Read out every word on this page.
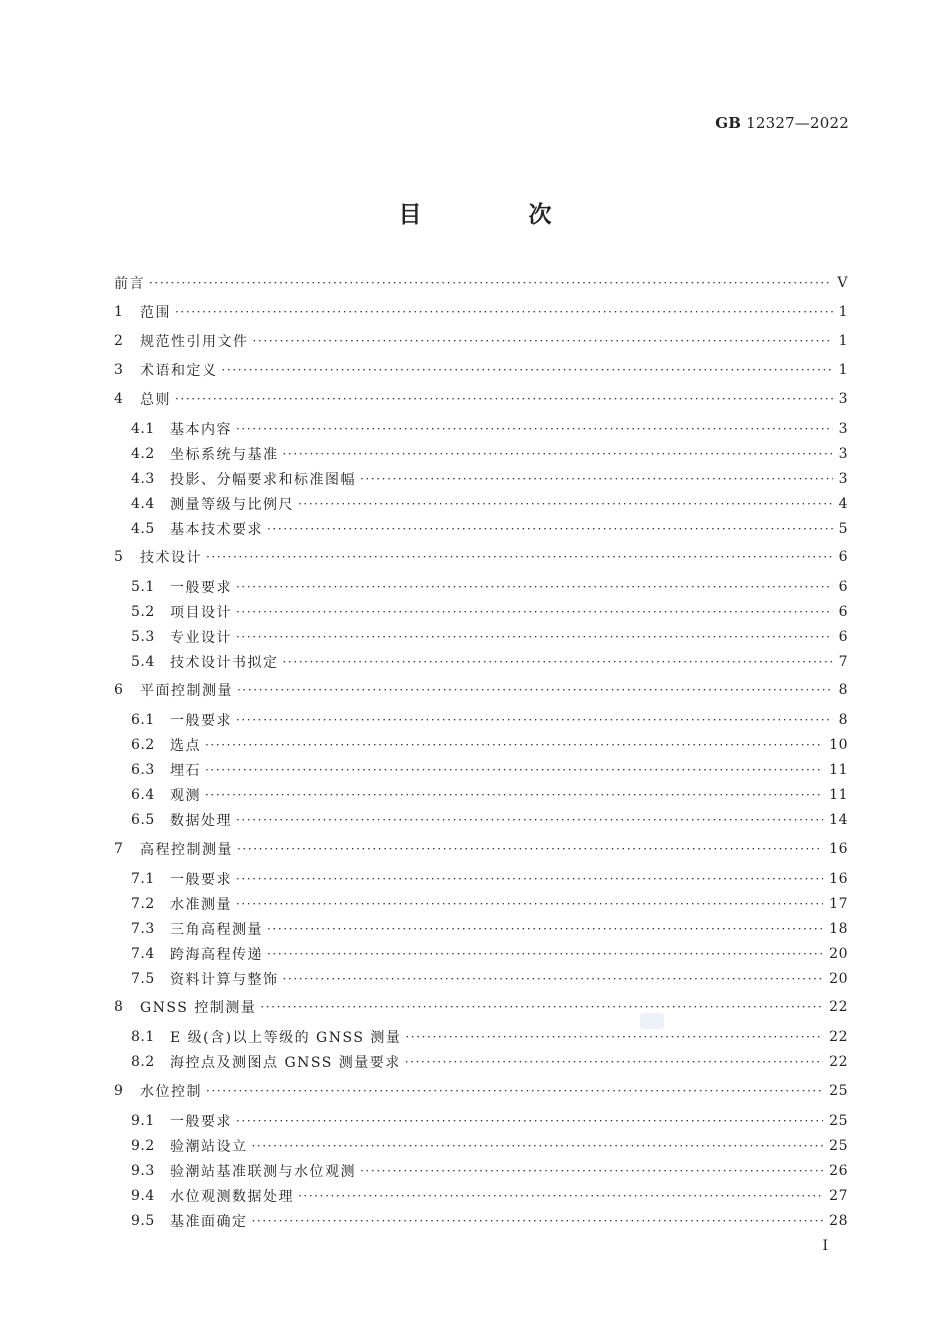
GB 12327—2022
目　次
前言 ·····	V
1	范围 ·····	1
2	规范性引用文件 ·····	1
3	术语和定义 ·····	1
4	总则 ·····	3
4.1	基本内容 ·····	3
4.2	坐标系统与基准 ·····	3
4.3	投影、分幅要求和标准图幅 ·····	3
4.4	测量等级与比例尺 ·····	4
4.5	基本技术要求 ·····	5
5	技术设计 ·····	6
5.1	一般要求 ·····	6
5.2	项目设计 ·····	6
5.3	专业设计 ·····	6
5.4	技术设计书拟定 ·····	7
6	平面控制测量 ·····	8
6.1	一般要求 ·····	8
6.2	选点 ·····	10
6.3	埋石 ·····	11
6.4	观测 ·····	11
6.5	数据处理 ·····	14
7	高程控制测量 ·····	16
7.1	一般要求 ·····	16
7.2	水准测量 ·····	17
7.3	三角高程测量 ·····	18
7.4	跨海高程传递 ·····	20
7.5	资料计算与整饰 ·····	20
8	GNSS 控制测量 ·····	22
8.1	E 级(含)以上等级的 GNSS 测量 ·····	22
8.2	海控点及测图点 GNSS 测量要求 ·····	22
9	水位控制 ·····	25
9.1	一般要求 ·····	25
9.2	验潮站设立 ·····	25
9.3	验潮站基准联测与水位观测 ·····	26
9.4	水位观测数据处理 ·····	27
9.5	基准面确定 ·····	28
I
